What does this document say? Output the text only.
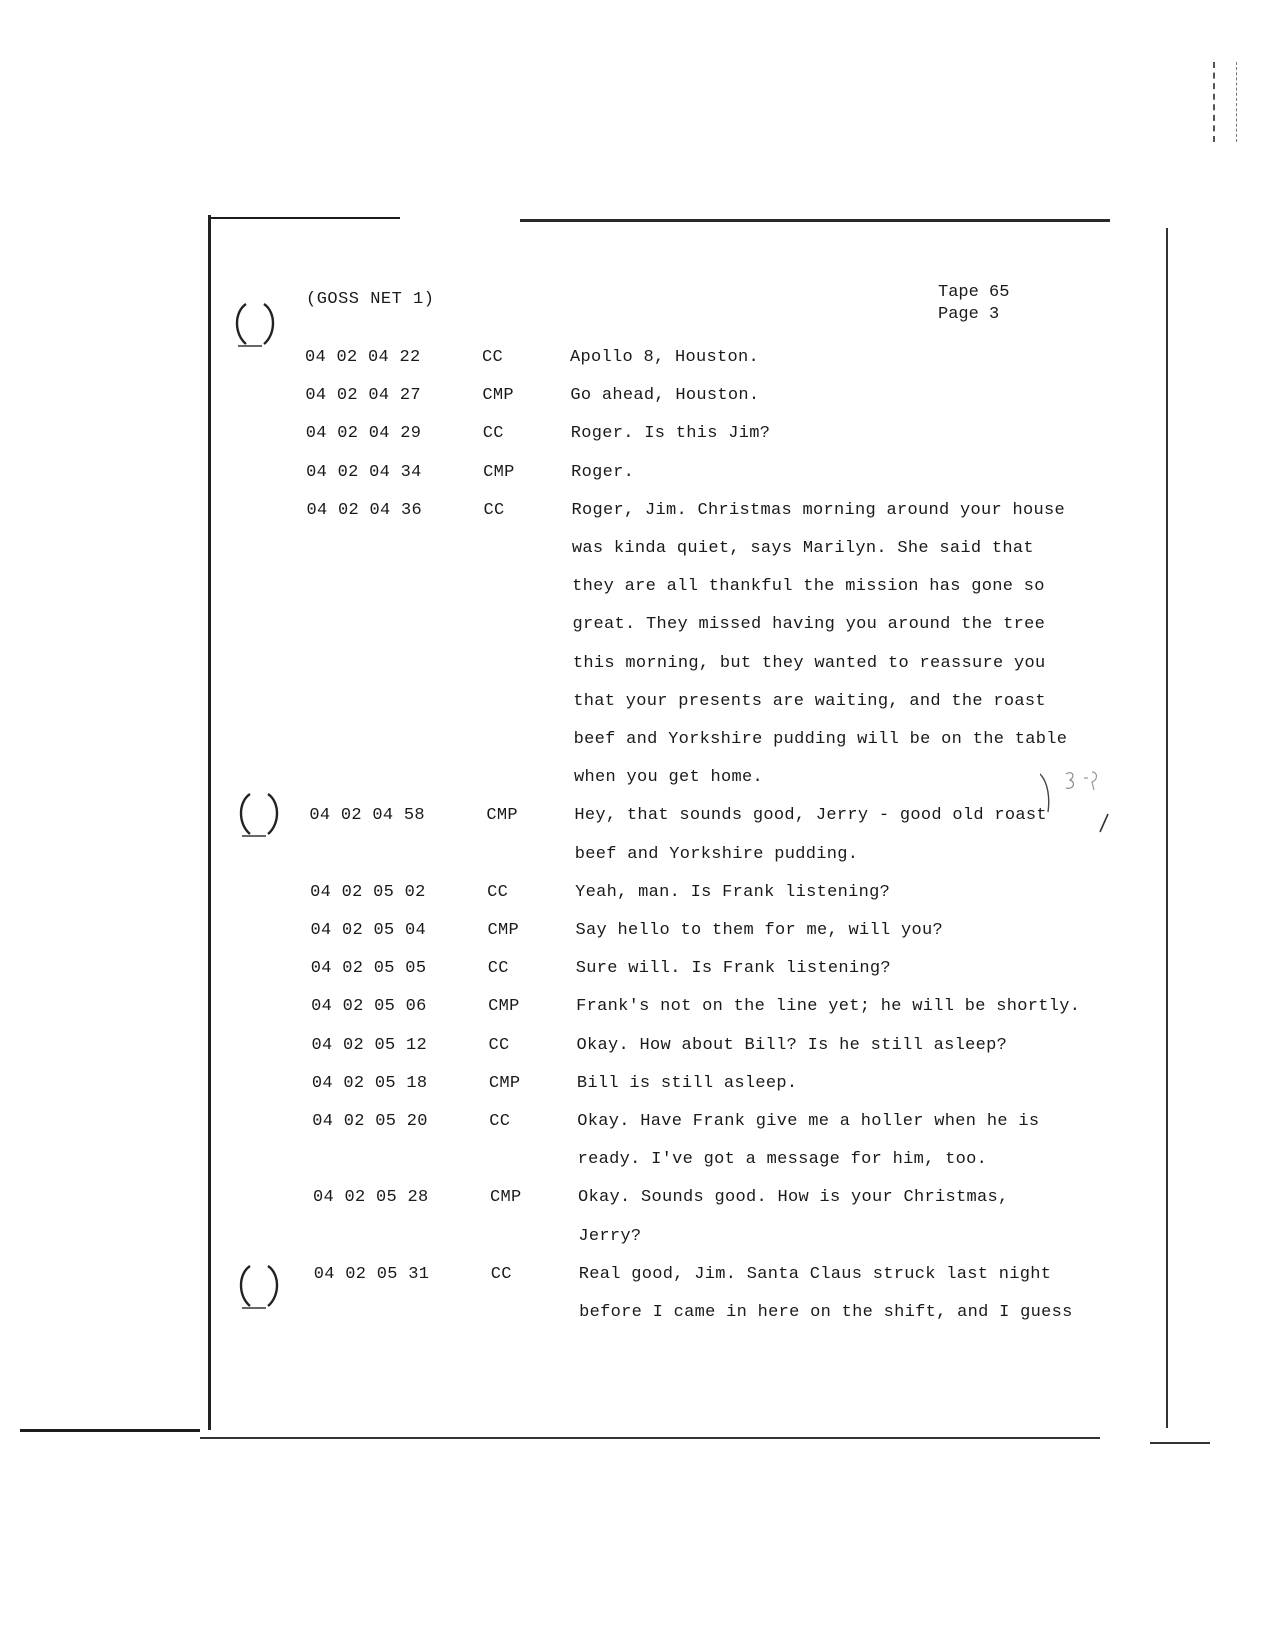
(GOSS NET 1)	Tape 65
Page 3
04 02 04 22	CC	Apollo 8, Houston.
04 02 04 27	CMP	Go ahead, Houston.
04 02 04 29	CC	Roger. Is this Jim?
04 02 04 34	CMP	Roger.
04 02 04 36	CC	Roger, Jim. Christmas morning around your house
was kinda quiet, says Marilyn. She said that
they are all thankful the mission has gone so
great. They missed having you around the tree
this morning, but they wanted to reassure you
that your presents are waiting, and the roast
beef and Yorkshire pudding will be on the table
when you get home.
04 02 04 58	CMP	Hey, that sounds good, Jerry - good old roast
beef and Yorkshire pudding.
04 02 05 02	CC	Yeah, man. Is Frank listening?
04 02 05 04	CMP	Say hello to them for me, will you?
04 02 05 05	CC	Sure will. Is Frank listening?
04 02 05 06	CMP	Frank's not on the line yet; he will be shortly.
04 02 05 12	CC	Okay. How about Bill? Is he still asleep?
04 02 05 18	CMP	Bill is still asleep.
04 02 05 20	CC	Okay. Have Frank give me a holler when he is
ready. I've got a message for him, too.
04 02 05 28	CMP	Okay. Sounds good. How is your Christmas,
Jerry?
04 02 05 31	CC	Real good, Jim. Santa Claus struck last night
before I came in here on the shift, and I guess
